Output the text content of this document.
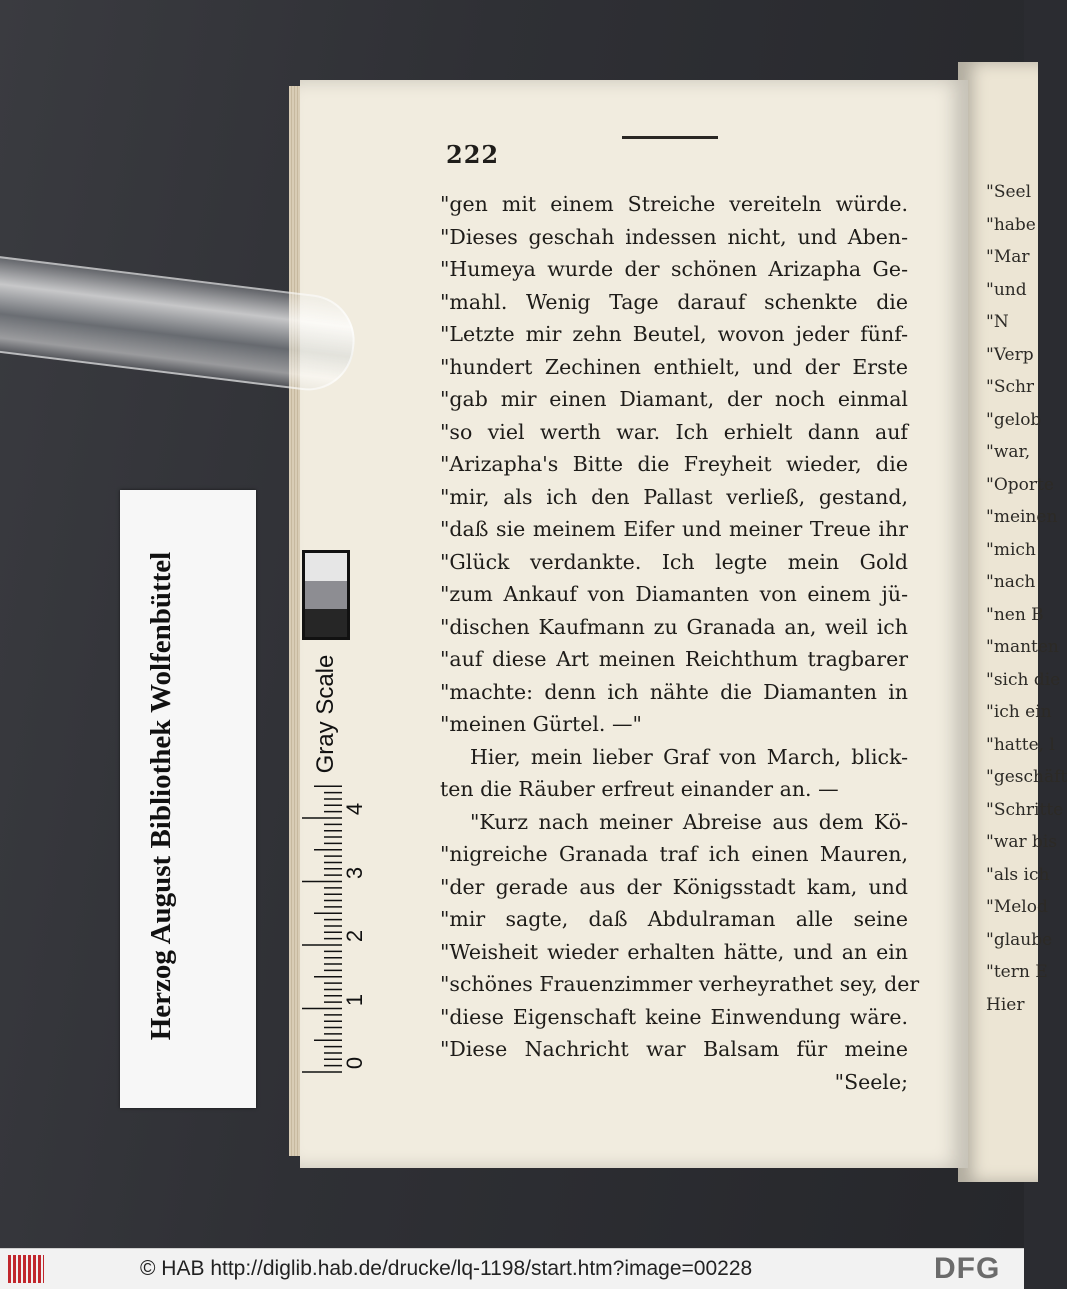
"Seel
"habe
"Mar
"und
"N
"Verp
"Schr
"gelob
"war,
"Oporte
"meinen
"mich
"nach
"nen B
"manten
"sich die
"ich ein
"hatte, l
"geschäft
"Schritte
"war bis
"als ich
"Melod
"glaube
"tern E
Hier
222
"gen mit einem Streiche vereiteln würde.
"Dieses geschah indessen nicht, und Aben-
"Humeya wurde der schönen Arizapha Ge-
"mahl. Wenig Tage darauf schenkte die
"Letzte mir zehn Beutel, wovon jeder fünf-
"hundert Zechinen enthielt, und der Erste
"gab mir einen Diamant, der noch einmal
"so viel werth war. Ich erhielt dann auf
"Arizapha's Bitte die Freyheit wieder, die
"mir, als ich den Pallast verließ, gestand,
"daß sie meinem Eifer und meiner Treue ihr
"Glück verdankte. Ich legte mein Gold
"zum Ankauf von Diamanten von einem jü-
"dischen Kaufmann zu Granada an, weil ich
"auf diese Art meinen Reichthum tragbarer
"machte: denn ich nähte die Diamanten in
"meinen Gürtel. —"
Hier, mein lieber Graf von March, blick-
ten die Räuber erfreut einander an. —
"Kurz nach meiner Abreise aus dem Kö-
"nigreiche Granada traf ich einen Mauren,
"der gerade aus der Königsstadt kam, und
"mir sagte, daß Abdulraman alle seine
"Weisheit wieder erhalten hätte, und an ein
"schönes Frauenzimmer verheyrathet sey, der
"diese Eigenschaft keine Einwendung wäre.
"Diese Nachricht war Balsam für meine
"Seele;
Herzog August Bibliothek Wolfenbüttel	Gray Scale
0
1
2
3
4
© HAB http://diglib.hab.de/drucke/lq-1198/start.htm?image=00228	DFG
